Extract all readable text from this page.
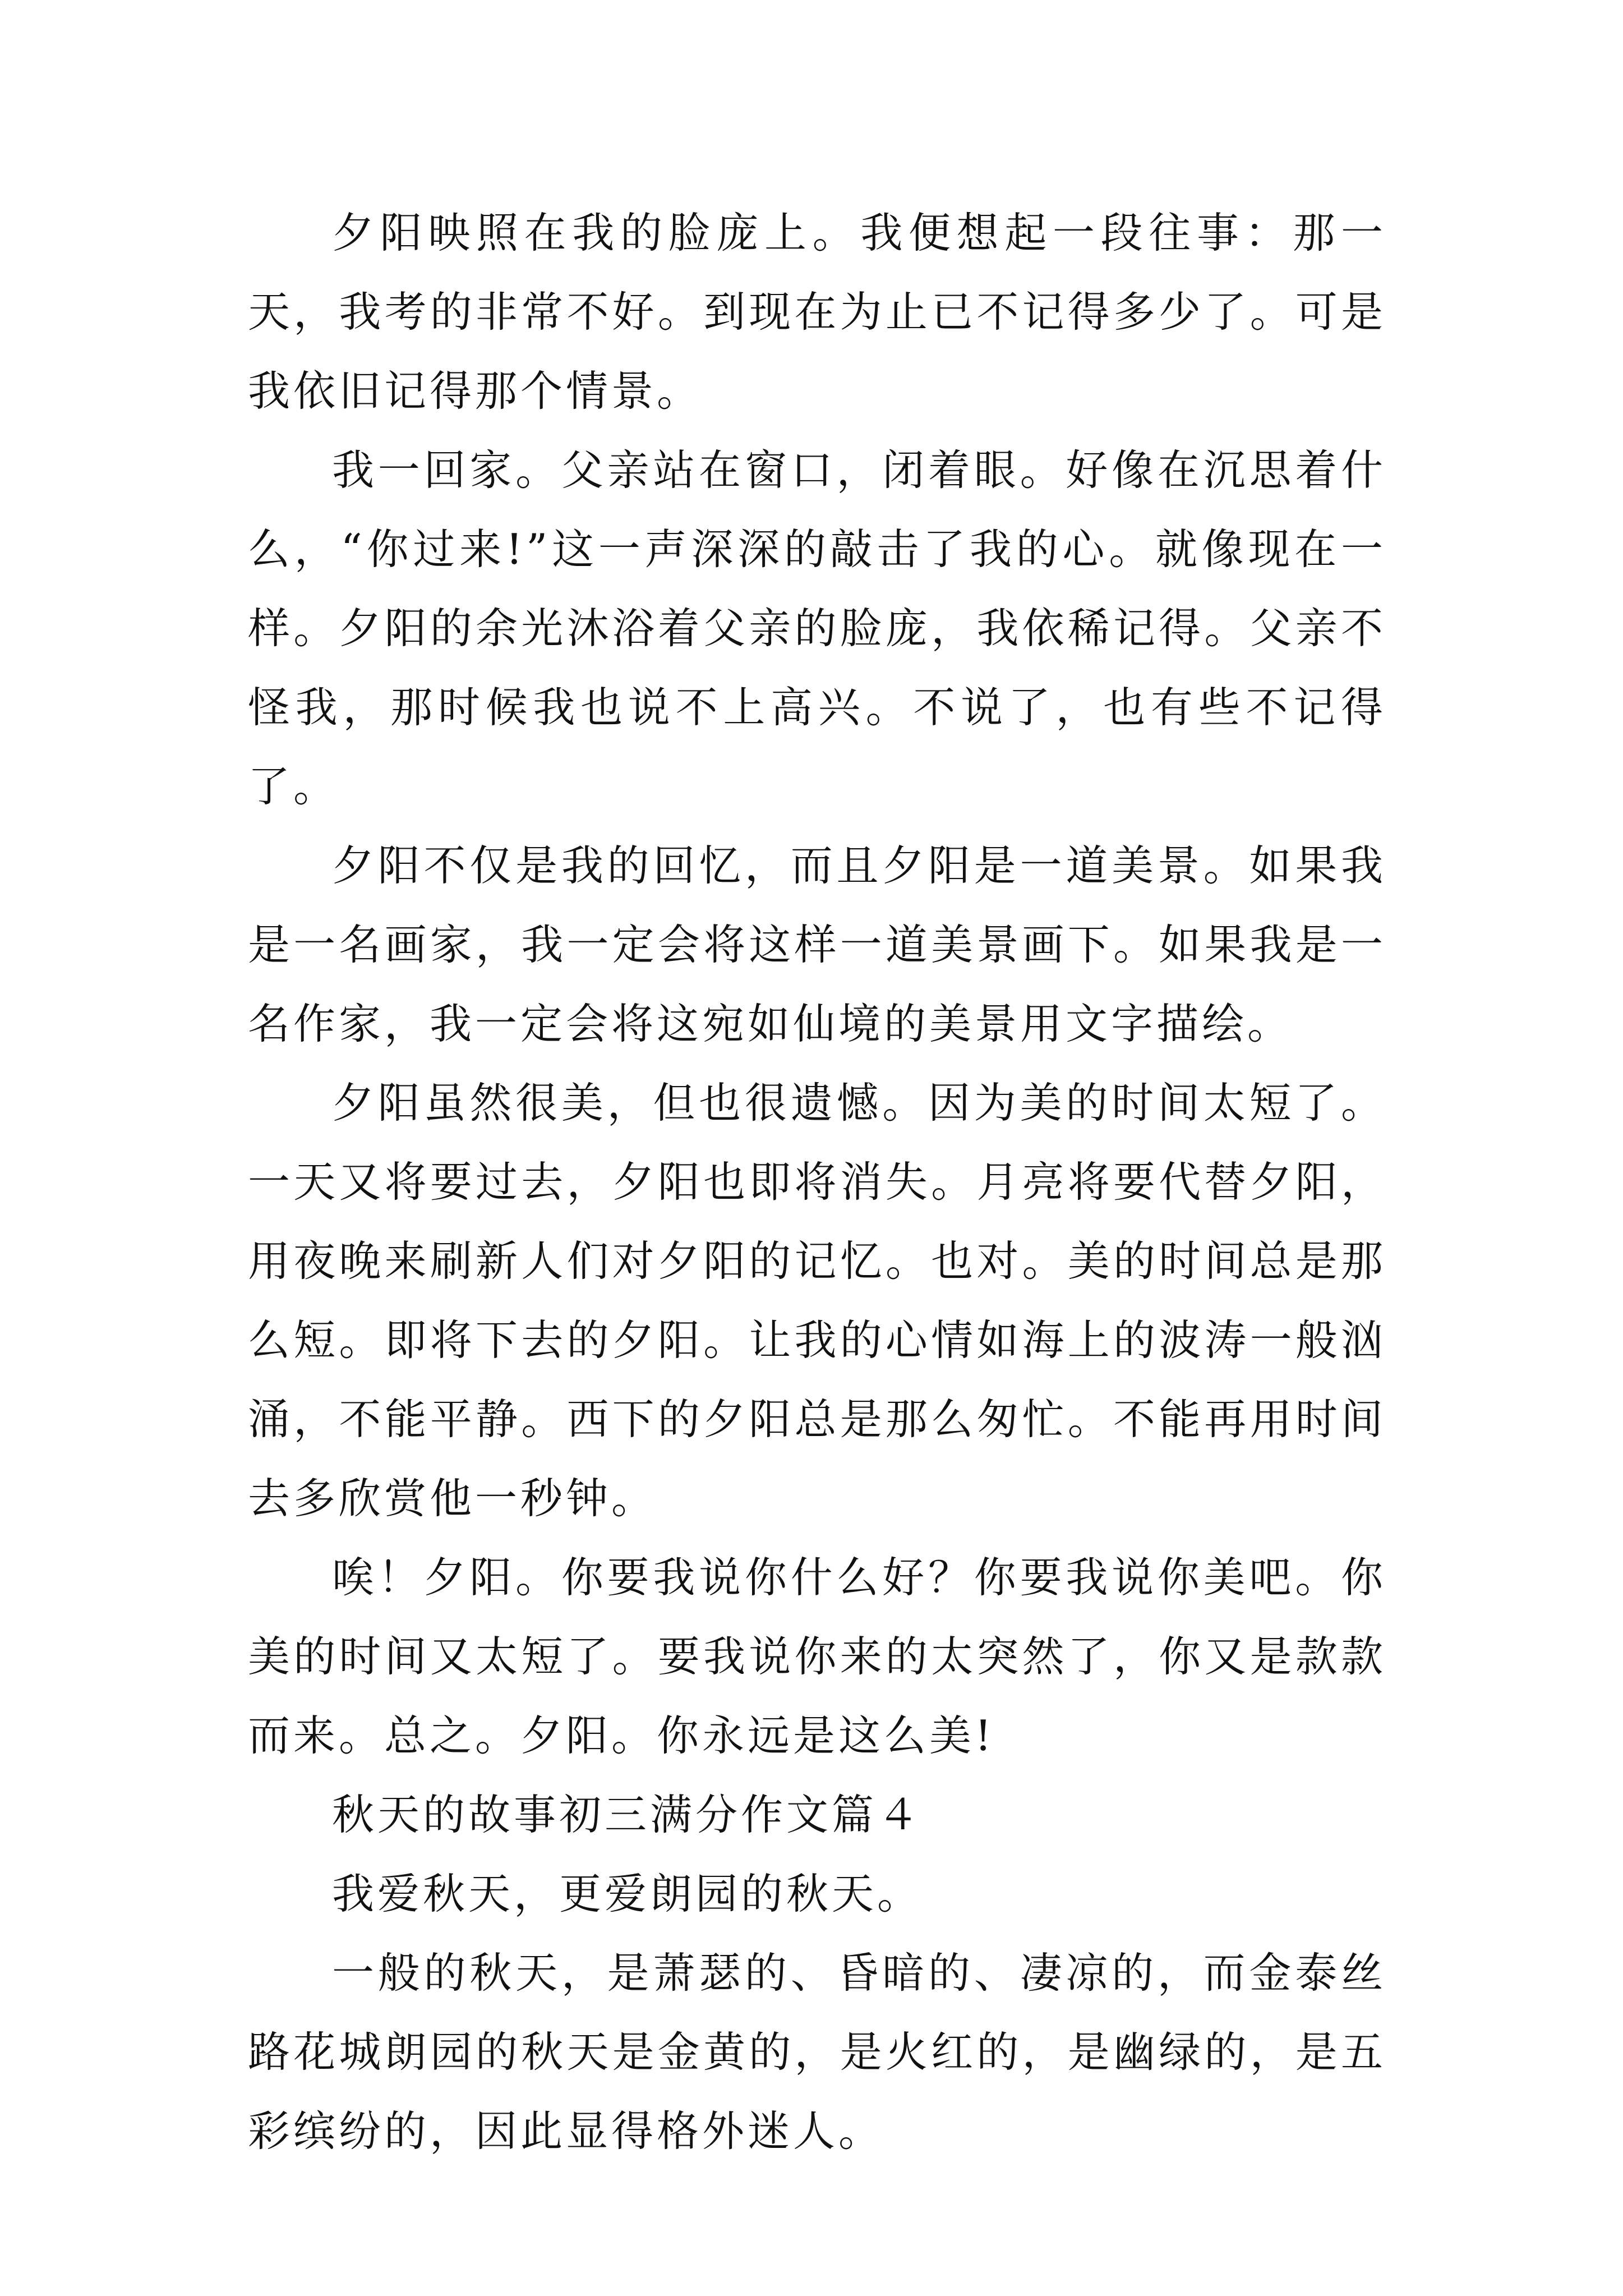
夕阳映照在我的脸庞上。我便想起一段往事：那一天，我考的非常不好。到现在为止已不记得多少了。可是我依旧记得那个情景。

我一回家。父亲站在窗口，闭着眼。好像在沉思着什么，“你过来!”这一声深深的敲击了我的心。就像现在一样。夕阳的余光沐浴着父亲的脸庞，我依稀记得。父亲不怪我，那时候我也说不上高兴。不说了，也有些不记得了。

夕阳不仅是我的回忆，而且夕阳是一道美景。如果我是一名画家，我一定会将这样一道美景画下。如果我是一名作家，我一定会将这宛如仙境的美景用文字描绘。

夕阳虽然很美，但也很遗憾。因为美的时间太短了。一天又将要过去，夕阳也即将消失。月亮将要代替夕阳，用夜晚来刷新人们对夕阳的记忆。也对。美的时间总是那么短。即将下去的夕阳。让我的心情如海上的波涛一般汹涌，不能平静。西下的夕阳总是那么匆忙。不能再用时间去多欣赏他一秒钟。

唉！夕阳。你要我说你什么好？你要我说你美吧。你美的时间又太短了。要我说你来的太突然了，你又是款款而来。总之。夕阳。你永远是这么美!

秋天的故事初三满分作文篇４

我爱秋天，更爱朗园的秋天。

一般的秋天，是萧瑟的、昏暗的、凄凉的，而金泰丝路花城朗园的秋天是金黄的，是火红的，是幽绿的，是五彩缤纷的，因此显得格外迷人。
